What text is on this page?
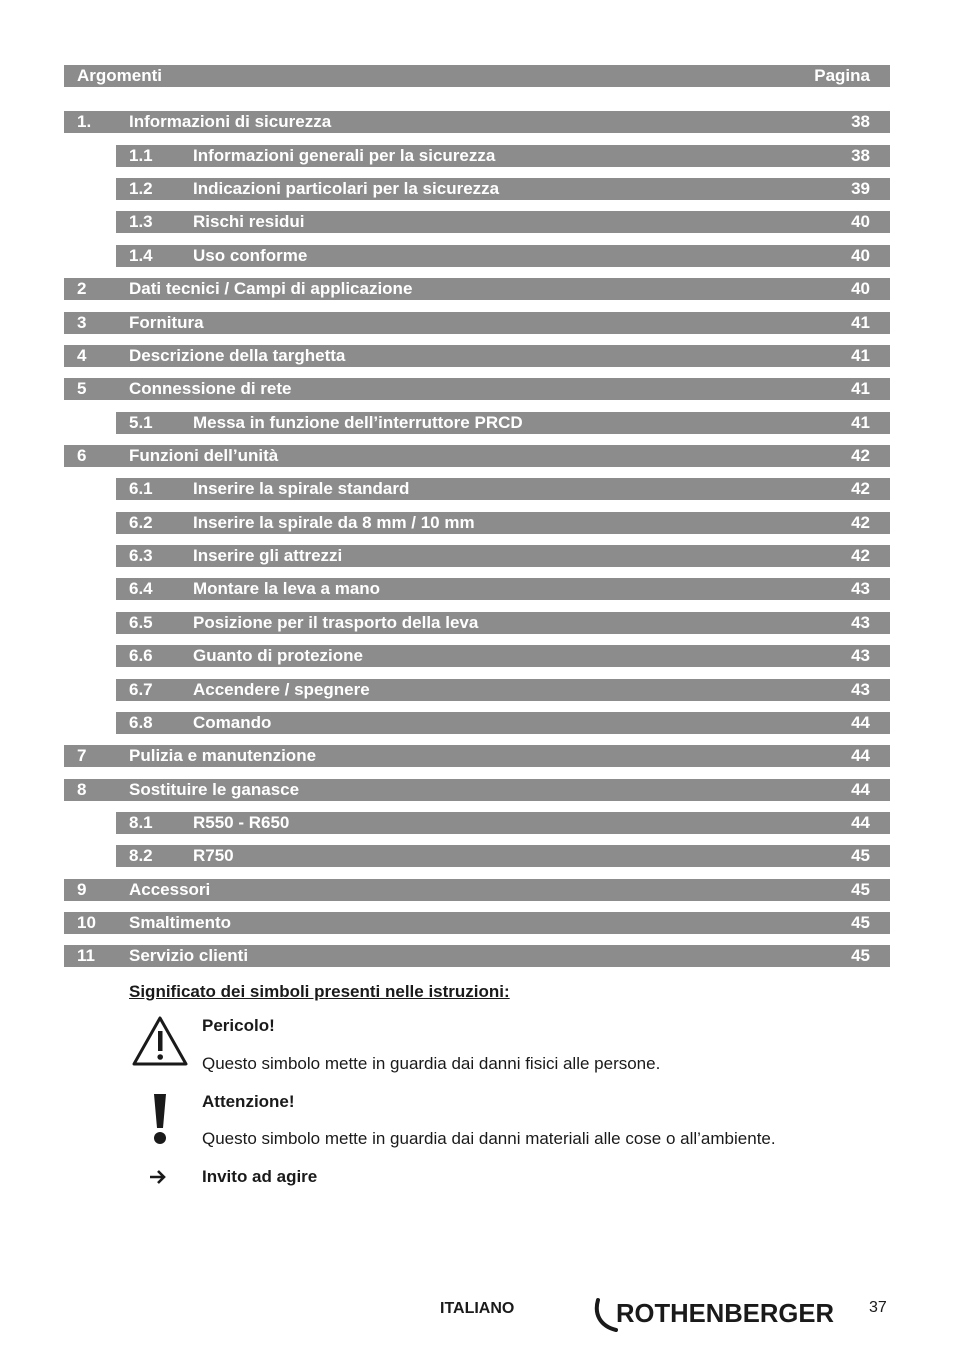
Argomenti	Pagina
1. Informazioni di sicurezza	38
1.1 Informazioni generali per la sicurezza	38
1.2 Indicazioni particolari per la sicurezza	39
1.3 Rischi residui	40
1.4 Uso conforme	40
2	Dati tecnici / Campi di applicazione	40
3	Fornitura	41
4	Descrizione della targhetta	41
5	Connessione di rete	41
5.1 Messa in funzione dell’interruttore PRCD	41
6	Funzioni dell’unità	42
6.1 Inserire la spirale standard	42
6.2 Inserire la spirale da 8 mm / 10 mm	42
6.3 Inserire gli attrezzi	42
6.4 Montare la leva a mano	43
6.5 Posizione per il trasporto della leva	43
6.6 Guanto di protezione	43
6.7 Accendere / spegnere	43
6.8 Comando	44
7	Pulizia e manutenzione	44
8	Sostituire le ganasce	44
8.1 R550 - R650	44
8.2 R750	45
9	Accessori	45
10 Smaltimento	45
11 Servizio clienti	45
Significato dei simboli presenti nelle istruzioni:
Pericolo!
Questo simbolo mette in guardia dai danni fisici alle persone.
Attenzione!
Questo simbolo mette in guardia dai danni materiali alle cose o all’ambiente.
Invito ad agire
ITALIANO	ROTHENBERGER 37
